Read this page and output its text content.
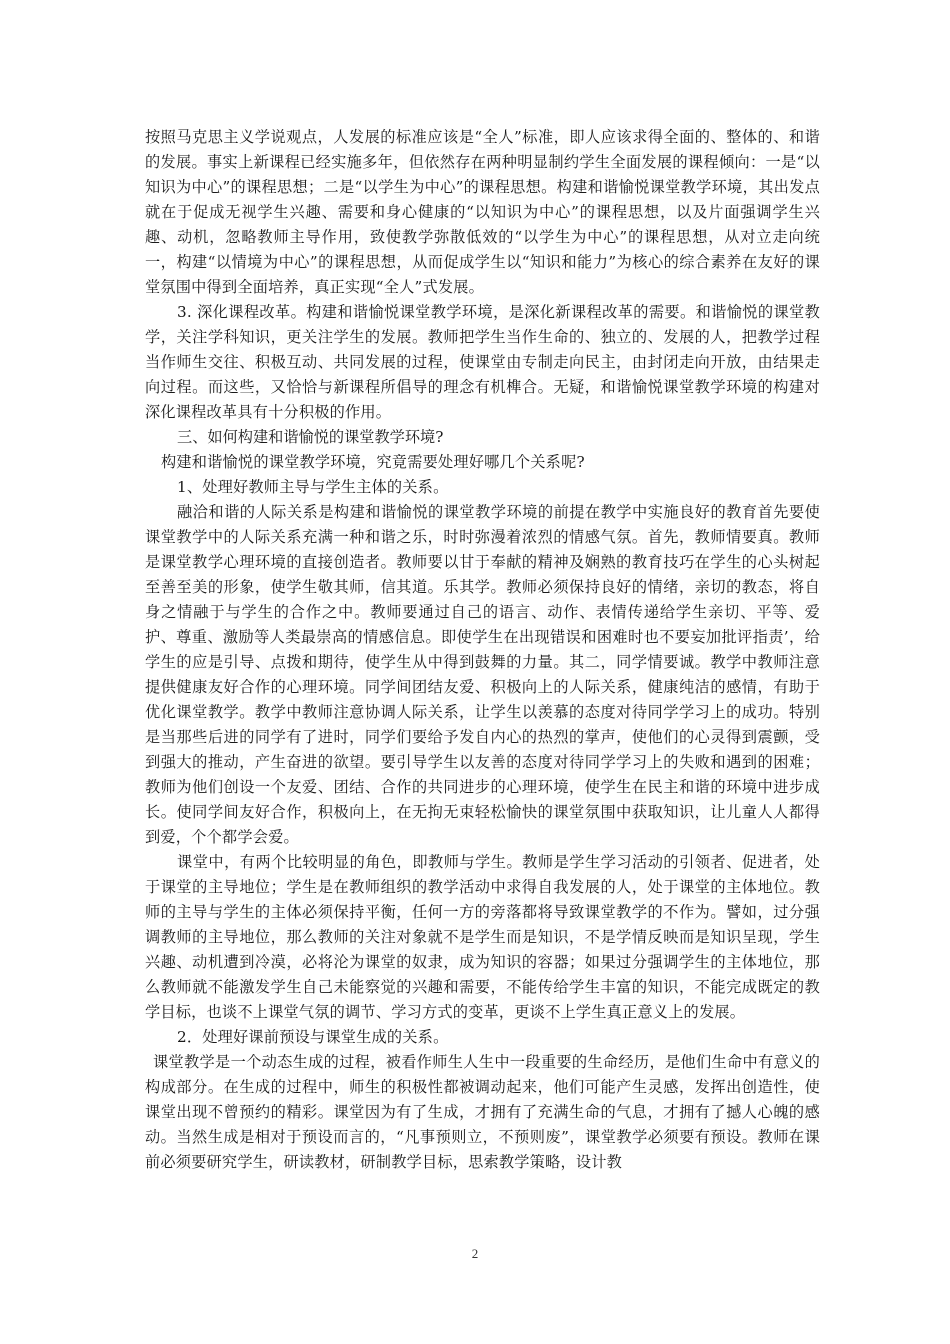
按照马克思主义学说观点，人发展的标准应该是“全人”标准，即人应该求得全面的、整体的、和谐的发展。事实上新课程已经实施多年，但依然存在两种明显制约学生全面发展的课程倾向：一是“以知识为中心”的课程思想；二是“以学生为中心”的课程思想。构建和谐愉悦课堂教学环境，其出发点就在于促成无视学生兴趣、需要和身心健康的“以知识为中心”的课程思想，以及片面强调学生兴趣、动机，忽略教师主导作用，致使教学弥散低效的“以学生为中心”的课程思想，从对立走向统一，构建“以情境为中心”的课程思想，从而促成学生以“知识和能力”为核心的综合素养在友好的课堂氛围中得到全面培养，真正实现“全人”式发展。

3. 深化课程改革。构建和谐愉悦课堂教学环境，是深化新课程改革的需要。和谐愉悦的课堂教学，关注学科知识，更关注学生的发展。教师把学生当作生命的、独立的、发展的人，把教学过程当作师生交往、积极互动、共同发展的过程，使课堂由专制走向民主，由封闭走向开放，由结果走向过程。而这些，又恰恰与新课程所倡导的理念有机榫合。无疑，和谐愉悦课堂教学环境的构建对深化课程改革具有十分积极的作用。

三、如何构建和谐愉悦的课堂教学环境?

构建和谐愉悦的课堂教学环境，究竟需要处理好哪几个关系呢?

1、处理好教师主导与学生主体的关系。

融洽和谐的人际关系是构建和谐愉悦的课堂教学环境的前提在教学中实施良好的教育首先要使课堂教学中的人际关系充满一种和谐之乐，时时弥漫着浓烈的情感气氛。首先，教师情要真。教师是课堂教学心理环境的直接创造者。教师要以甘于奉献的精神及娴熟的教育技巧在学生的心头树起至善至美的形象，使学生敬其师，信其道。乐其学。教师必须保持良好的情绪，亲切的教态，将自身之情融于与学生的合作之中。教师要通过自己的语言、动作、表情传递给学生亲切、平等、爱护、尊重、激励等人类最崇高的情感信息。即使学生在出现错误和困难时也不要妄加批评指责’，给学生的应是引导、点拨和期待，使学生从中得到鼓舞的力量。其二，同学情要诚。教学中教师注意提供健康友好合作的心理环境。同学间团结友爱、积极向上的人际关系，健康纯洁的感情，有助于优化课堂教学。教学中教师注意协调人际关系，让学生以羡慕的态度对待同学学习上的成功。特别是当那些后进的同学有了进时，同学们要给予发自内心的热烈的掌声，使他们的心灵得到震颤，受到强大的推动，产生奋进的欲望。要引导学生以友善的态度对待同学学习上的失败和遇到的困难；教师为他们创设一个友爱、团结、合作的共同进步的心理环境，使学生在民主和谐的环境中进步成长。使同学间友好合作，积极向上，在无拘无束轻松愉快的课堂氛围中获取知识，让儿童人人都得到爱，个个都学会爱。

课堂中，有两个比较明显的角色，即教师与学生。教师是学生学习活动的引领者、促进者，处于课堂的主导地位；学生是在教师组织的教学活动中求得自我发展的人，处于课堂的主体地位。教师的主导与学生的主体必须保持平衡，任何一方的旁落都将导致课堂教学的不作为。譬如，过分强调教师的主导地位，那么教师的关注对象就不是学生而是知识，不是学情反映而是知识呈现，学生兴趣、动机遭到冷漠，必将沦为课堂的奴隶，成为知识的容器；如果过分强调学生的主体地位，那么教师就不能激发学生自己未能察觉的兴趣和需要，不能传给学生丰富的知识，不能完成既定的教学目标，也谈不上课堂气氛的调节、学习方式的变革，更谈不上学生真正意义上的发展。

2．处理好课前预设与课堂生成的关系。

课堂教学是一个动态生成的过程，被看作师生人生中一段重要的生命经历，是他们生命中有意义的构成部分。在生成的过程中，师生的积极性都被调动起来，他们可能产生灵感，发挥出创造性，使课堂出现不曾预约的精彩。课堂因为有了生成，才拥有了充满生命的气息，才拥有了撼人心魄的感动。当然生成是相对于预设而言的，“凡事预则立，不预则废”，课堂教学必须要有预设。教师在课前必须要研究学生，研读教材，研制教学目标，思索教学策略，设计教

2
